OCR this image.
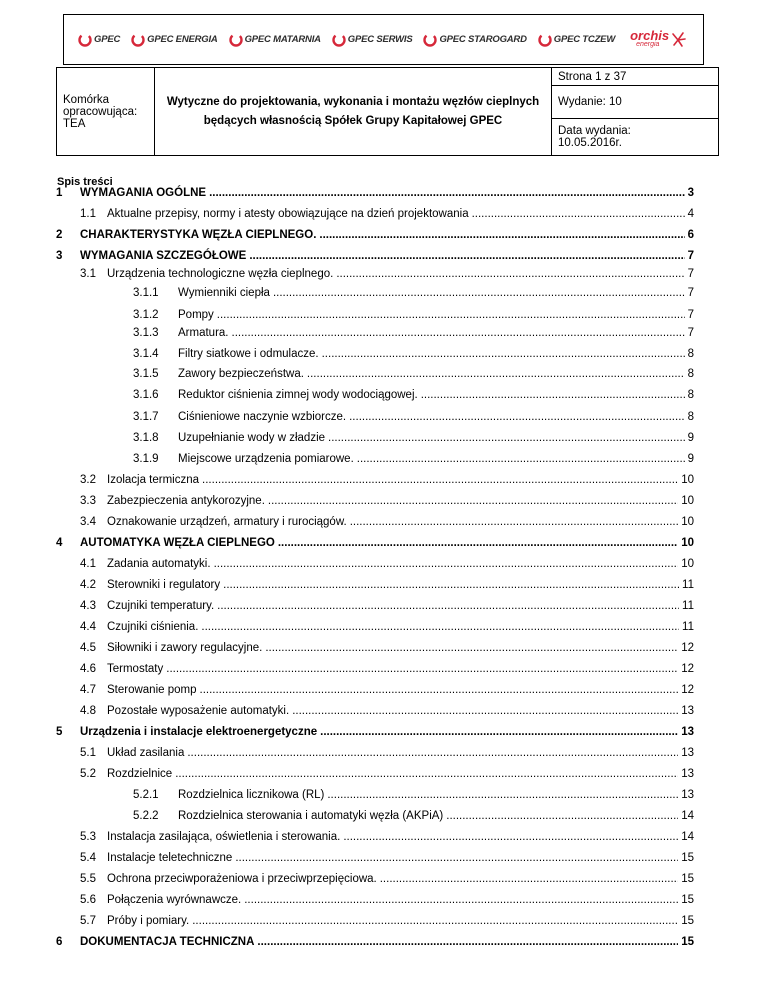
GPEC	GPEC ENERGIA	GPEC MATARNIA	GPEC SERWIS	GPEC STAROGARD	GPEC TCZEW orchis
energia
Komórka
opracowująca:
TEA
	Wytyczne do projektowania, wykonania i montażu węzłów cieplnych będących własnością Spółek Grupy Kapitałowej GPEC	
Strona 1 z 37

Wydanie: 10

Data wydania:
10.05.2016r.
Spis treści
1	WYMAGANIA OGÓLNE .....	3
1.1 Aktualne przepisy, normy i atesty obowiązujące na dzień projektowania .....	4
2	CHARAKTERYSTYKA WĘZŁA CIEPLNEGO. .....	6
3	WYMAGANIA SZCZEGÓŁOWE .....	7
3.1 Urządzenia technologiczne węzła cieplnego. .....	7
3.1.1	Wymienniki ciepła .....	7
3.1.2	Pompy .....	7
3.1.3	Armatura. .....	7
3.1.4	Filtry siatkowe i odmulacze. .....	8
3.1.5	Zawory bezpieczeństwa. .....	8
3.1.6	Reduktor ciśnienia zimnej wody wodociągowej. .....	8
3.1.7	Ciśnieniowe naczynie wzbiorcze. .....	8
3.1.8	Uzupełnianie wody w zładzie .....	9
3.1.9	Miejscowe urządzenia pomiarowe. .....	9
3.2 Izolacja termiczna .....	10
3.3 Zabezpieczenia antykorozyjne. .....	10
3.4 Oznakowanie urządzeń, armatury i rurociągów. .....	10
4	AUTOMATYKA WĘZŁA CIEPLNEGO .....	10
4.1 Zadania automatyki. .....	10
4.2 Sterowniki i regulatory .....	11
4.3 Czujniki temperatury. .....	11
4.4 Czujniki ciśnienia. .....	11
4.5 Siłowniki i zawory regulacyjne. .....	12
4.6 Termostaty .....	12
4.7 Sterowanie pomp .....	12
4.8 Pozostałe wyposażenie automatyki. .....	13
5	Urządzenia i instalacje elektroenergetyczne .....	13
5.1 Układ zasilania .....	13
5.2 Rozdzielnice .....	13
5.2.1	Rozdzielnica licznikowa (RL) .....	13
5.2.2	Rozdzielnica sterowania i automatyki węzła (AKPiA) .....	14
5.3 Instalacja zasilająca, oświetlenia i sterowania. .....	14
5.4 Instalacje teletechniczne .....	15
5.5 Ochrona przeciwporażeniowa i przeciwprzepięciowa. .....	15
5.6 Połączenia wyrównawcze. .....	15
5.7 Próby i pomiary. .....	15
6	DOKUMENTACJA TECHNICZNA .....	15
